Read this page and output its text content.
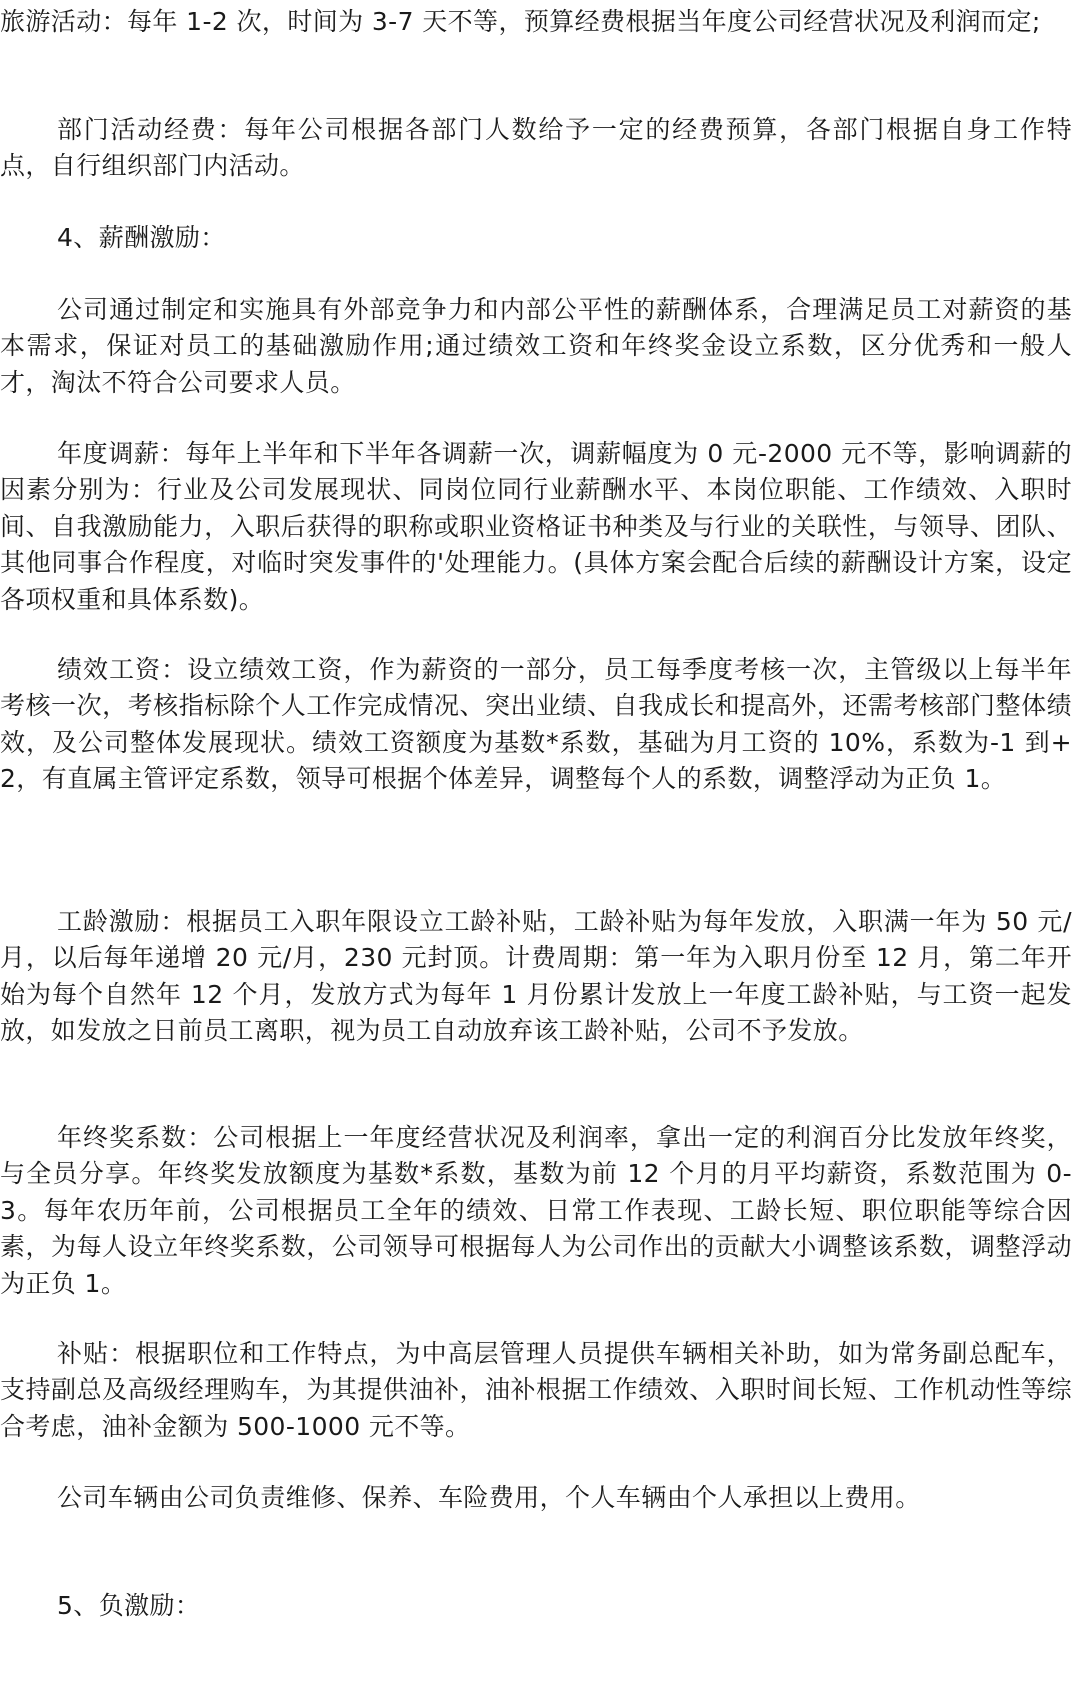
旅游活动：每年 1-2 次，时间为 3-7 天不等，预算经费根据当年度公司经营状况及利润而定;

部门活动经费：每年公司根据各部门人数给予一定的经费预算，各部门根据自身工作特点，自行组织部门内活动。

4、薪酬激励：

公司通过制定和实施具有外部竞争力和内部公平性的薪酬体系，合理满足员工对薪资的基本需求，保证对员工的基础激励作用;通过绩效工资和年终奖金设立系数，区分优秀和一般人才，淘汰不符合公司要求人员。

年度调薪：每年上半年和下半年各调薪一次，调薪幅度为 0 元-2000 元不等，影响调薪的因素分别为：行业及公司发展现状、同岗位同行业薪酬水平、本岗位职能、工作绩效、入职时间、自我激励能力，入职后获得的职称或职业资格证书种类及与行业的关联性，与领导、团队、其他同事合作程度，对临时突发事件的'处理能力。(具体方案会配合后续的薪酬设计方案，设定各项权重和具体系数)。

绩效工资：设立绩效工资，作为薪资的一部分，员工每季度考核一次，主管级以上每半年考核一次，考核指标除个人工作完成情况、突出业绩、自我成长和提高外，还需考核部门整体绩效，及公司整体发展现状。绩效工资额度为基数*系数，基础为月工资的 10%，系数为-1 到+2，有直属主管评定系数，领导可根据个体差异，调整每个人的系数，调整浮动为正负 1。

工龄激励：根据员工入职年限设立工龄补贴，工龄补贴为每年发放，入职满一年为 50 元/月，以后每年递增 20 元/月，230 元封顶。计费周期：第一年为入职月份至 12 月，第二年开始为每个自然年 12 个月，发放方式为每年 1 月份累计发放上一年度工龄补贴，与工资一起发放，如发放之日前员工离职，视为员工自动放弃该工龄补贴，公司不予发放。

年终奖系数：公司根据上一年度经营状况及利润率，拿出一定的利润百分比发放年终奖，与全员分享。年终奖发放额度为基数*系数，基数为前 12 个月的月平均薪资，系数范围为 0-3。每年农历年前，公司根据员工全年的绩效、日常工作表现、工龄长短、职位职能等综合因素，为每人设立年终奖系数，公司领导可根据每人为公司作出的贡献大小调整该系数，调整浮动为正负 1。

补贴：根据职位和工作特点，为中高层管理人员提供车辆相关补助，如为常务副总配车，支持副总及高级经理购车，为其提供油补，油补根据工作绩效、入职时间长短、工作机动性等综合考虑，油补金额为 500-1000 元不等。

公司车辆由公司负责维修、保养、车险费用，个人车辆由个人承担以上费用。

5、负激励：
